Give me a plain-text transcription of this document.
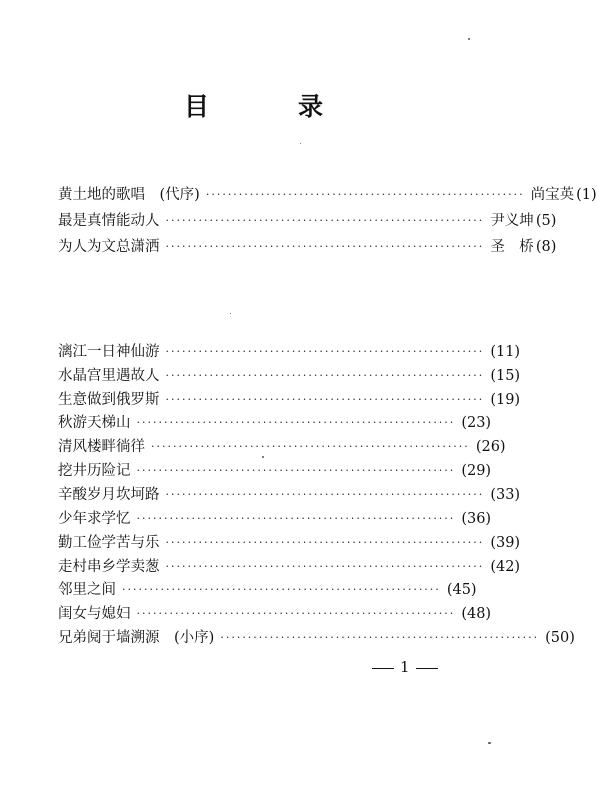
目	录
黄土地的歌唱　(代序) ·························································· 尚宝英 (1)
最是真情能动人 ·························································· 尹义坤 (5)
为人为文总潇洒 ·························································· 圣　桥 (8)
漓江一日神仙游 ·························································· (11)
水晶宫里遇故人 ·························································· (15)
生意做到俄罗斯 ·························································· (19)
秋游天梯山 ·························································· (23)
清风楼畔徜徉 ·························································· (26)
挖井历险记 ·························································· (29)
辛酸岁月坎坷路 ·························································· (33)
少年求学忆 ·························································· (36)
勤工俭学苦与乐 ·························································· (39)
走村串乡学卖葱 ·························································· (42)
邻里之间 ·························································· (45)
闺女与媳妇 ·························································· (48)
兄弟阋于墙溯源　(小序) ·························································· (50)
1
